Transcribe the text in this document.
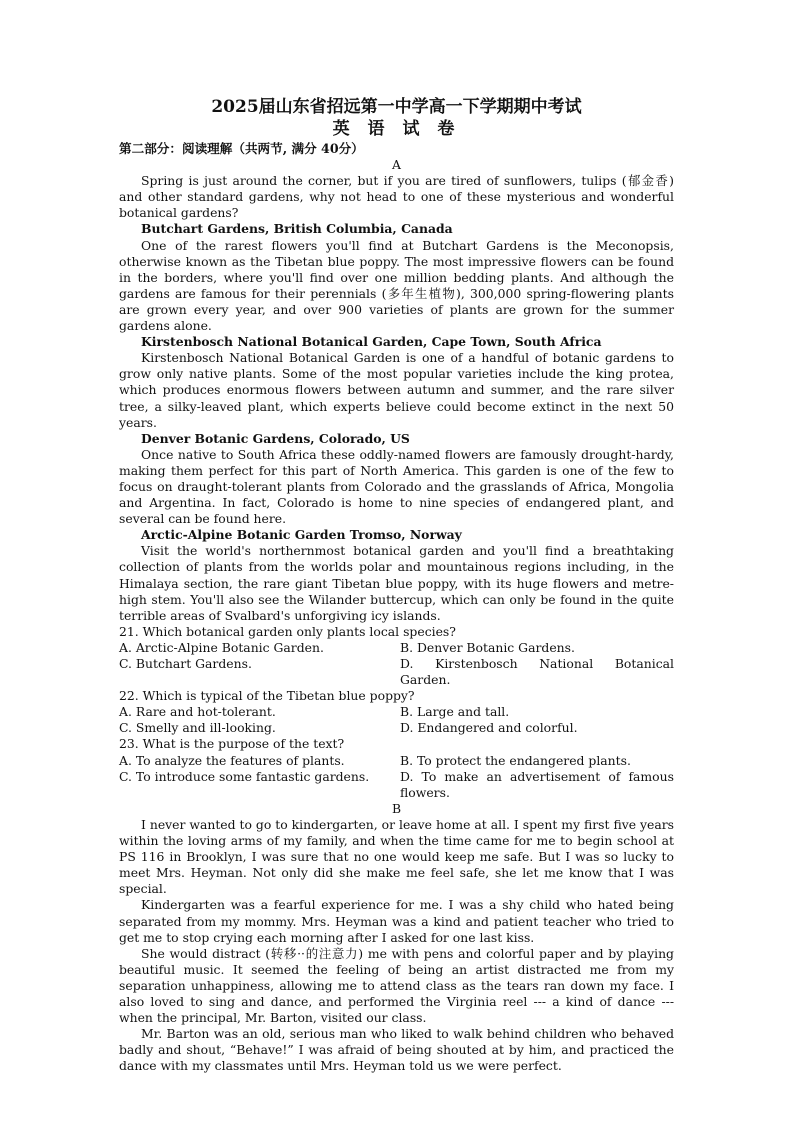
2025届山东省招远第一中学高一下学期期中考试
英 语 试 卷
第二部分：阅读理解（共两节, 满分 40分）
A

Spring is just around the corner, but if you are tired of sunflowers, tulips (郁金香) and other standard gardens, why not head to one of these mysterious and wonderful botanical gardens?

Butchart Gardens, British Columbia, Canada

One of the rarest flowers you'll find at Butchart Gardens is the Meconopsis, otherwise known as the Tibetan blue poppy. The most impressive flowers can be found in the borders, where you'll find over one million bedding plants. And although the gardens are famous for their perennials (多年生植物), 300,000 spring-flowering plants are grown every year, and over 900 varieties of plants are grown for the summer gardens alone.

Kirstenbosch National Botanical Garden, Cape Town, South Africa

Kirstenbosch National Botanical Garden is one of a handful of botanic gardens to grow only native plants. Some of the most popular varieties include the king protea, which produces enormous flowers between autumn and summer, and the rare silver tree, a silky-leaved plant, which experts believe could become extinct in the next 50 years.

Denver Botanic Gardens, Colorado, US

Once native to South Africa these oddly-named flowers are famously drought-hardy, making them perfect for this part of North America. This garden is one of the few to focus on draught-tolerant plants from Colorado and the grasslands of Africa, Mongolia and Argentina. In fact, Colorado is home to nine species of endangered plant, and several can be found here.

Arctic-Alpine Botanic Garden Tromso, Norway

Visit the world's northernmost botanical garden and you'll find a breathtaking collection of plants from the worlds polar and mountainous regions including, in the Himalaya section, the rare giant Tibetan blue poppy, with its huge flowers and metre-high stem. You'll also see the Wilander buttercup, which can only be found in the quite terrible areas of Svalbard's unforgiving icy islands.

21. Which botanical garden only plants local species?
A. Arctic-Alpine Botanic Garden.	B. Denver Botanic Gardens.
C. Butchart Gardens.	D. Kirstenbosch National Botanical Garden.
22. Which is typical of the Tibetan blue poppy?
A. Rare and hot-tolerant.	B. Large and tall.
C. Smelly and ill-looking.	D. Endangered and colorful.
23. What is the purpose of the text?
A. To analyze the features of plants.	B. To protect the endangered plants.
C. To introduce some fantastic gardens.	D. To make an advertisement of famous flowers.
B

I never wanted to go to kindergarten, or leave home at all. I spent my first five years within the loving arms of my family, and when the time came for me to begin school at PS 116 in Brooklyn, I was sure that no one would keep me safe. But I was so lucky to meet Mrs. Heyman. Not only did she make me feel safe, she let me know that I was special.

Kindergarten was a fearful experience for me. I was a shy child who hated being separated from my mommy. Mrs. Heyman was a kind and patient teacher who tried to get me to stop crying each morning after I asked for one last kiss.

She would distract (转移··的注意力) me with pens and colorful paper and by playing beautiful music. It seemed the feeling of being an artist distracted me from my separation unhappiness, allowing me to attend class as the tears ran down my face. I also loved to sing and dance, and performed the Virginia reel --- a kind of dance --- when the principal, Mr. Barton, visited our class.

Mr. Barton was an old, serious man who liked to walk behind children who behaved badly and shout, “Behave!” I was afraid of being shouted at by him, and practiced the dance with my classmates until Mrs. Heyman told us we were perfect.
